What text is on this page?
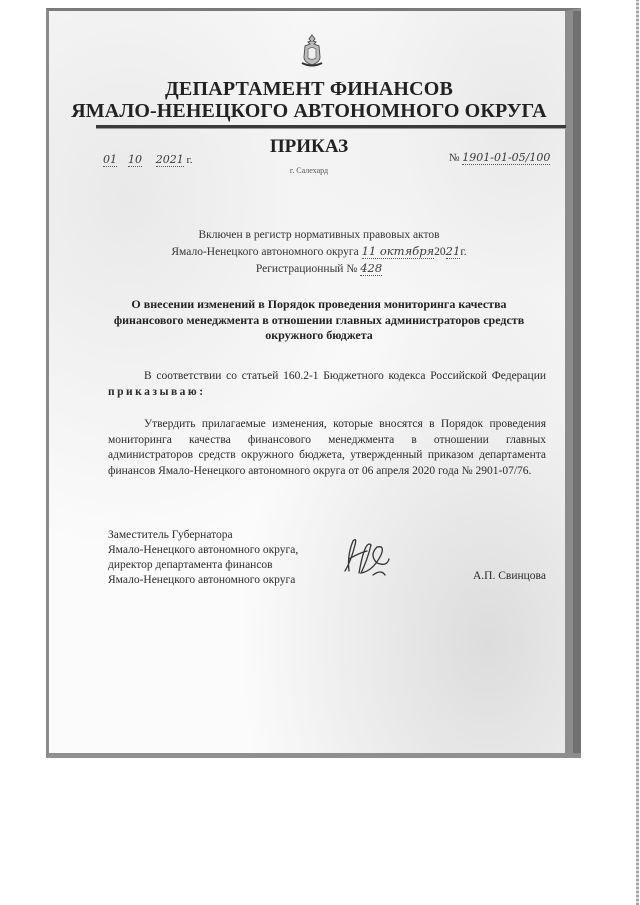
ДЕПАРТАМЕНТ ФИНАНСОВ
ЯМАЛО-НЕНЕЦКОГО АВТОНОМНОГО ОКРУГА
ПРИКАЗ
г. Салехард
01 10 2021 г.	№ 1901-01-05/100
Включен в регистр нормативных правовых актов
Ямало-Ненецкого автономного округа 11 октября2021г.
Регистрационный № 428
О внесении изменений в Порядок проведения мониторинга качества финансового менеджмента в отношении главных администраторов средств окружного бюджета
В соответствии со статьей 160.2-1 Бюджетного кодекса Российской Федерации приказываю:
Утвердить прилагаемые изменения, которые вносятся в Порядок проведения мониторинга качества финансового менеджмента в отношении главных администраторов средств окружного бюджета, утвержденный приказом департамента финансов Ямало-Ненецкого автономного округа от 06 апреля 2020 года № 2901-07/76.
Заместитель Губернатора
Ямало-Ненецкого автономного округа,
директор департамента финансов
Ямало-Ненецкого автономного округа	А.П. Свинцова
